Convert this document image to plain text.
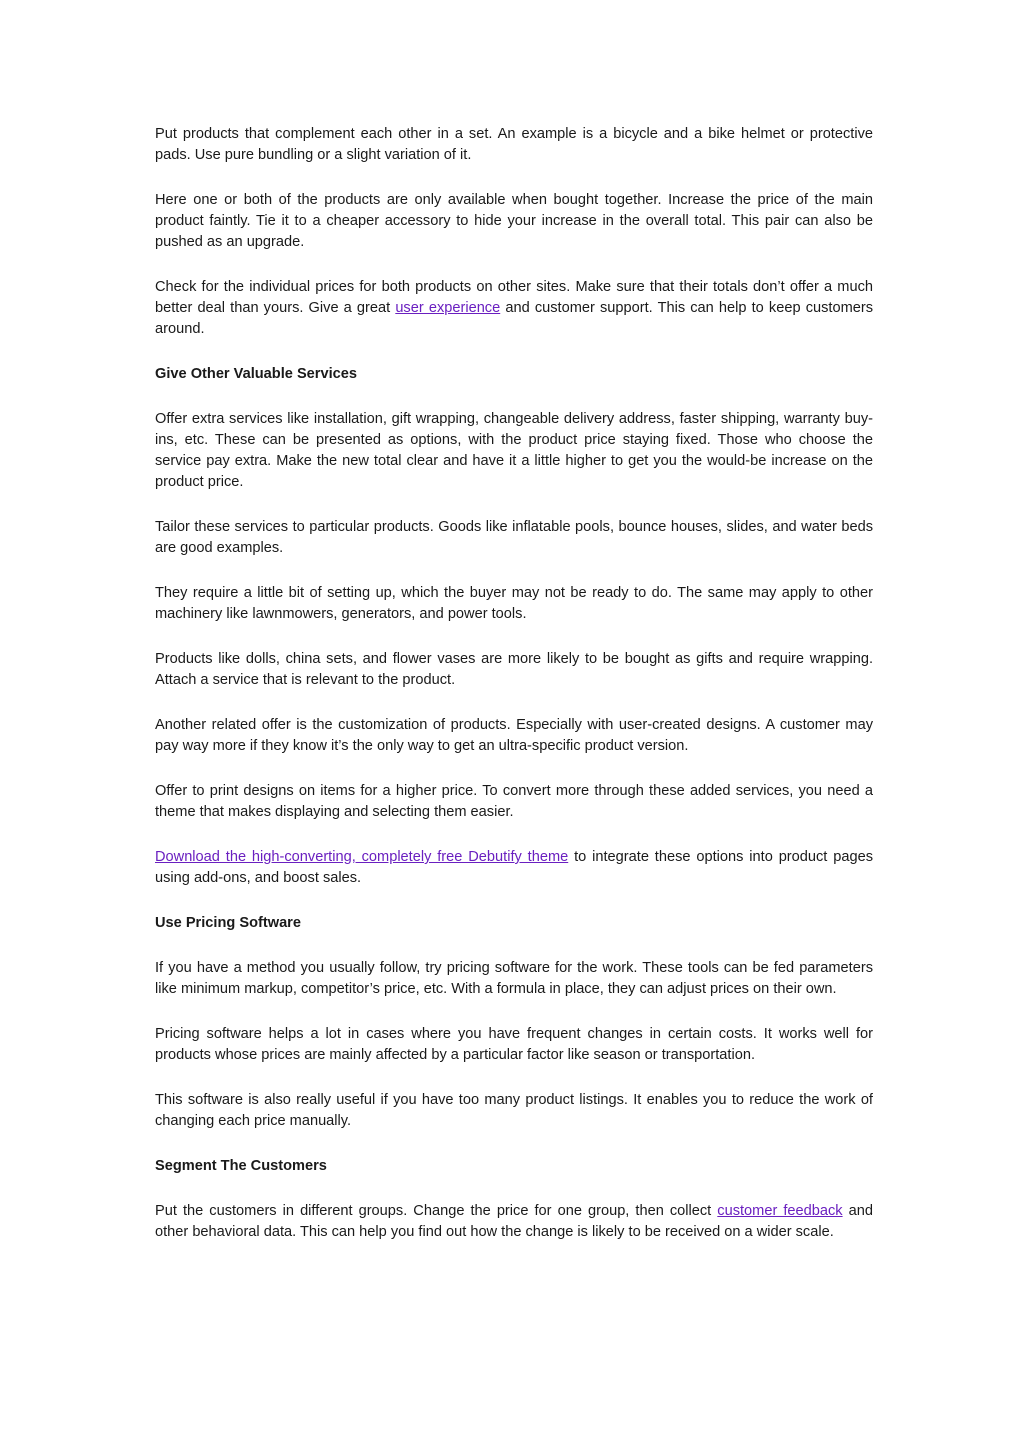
Put products that complement each other in a set. An example is a bicycle and a bike helmet or protective pads. Use pure bundling or a slight variation of it.

Here one or both of the products are only available when bought together. Increase the price of the main product faintly. Tie it to a cheaper accessory to hide your increase in the overall total. This pair can also be pushed as an upgrade.

Check for the individual prices for both products on other sites. Make sure that their totals don’t offer a much better deal than yours. Give a great user experience and customer support. This can help to keep customers around.

Give Other Valuable Services

Offer extra services like installation, gift wrapping, changeable delivery address, faster shipping, warranty buy-ins, etc. These can be presented as options, with the product price staying fixed. Those who choose the service pay extra. Make the new total clear and have it a little higher to get you the would-be increase on the product price.

Tailor these services to particular products. Goods like inflatable pools, bounce houses, slides, and water beds are good examples.

They require a little bit of setting up, which the buyer may not be ready to do. The same may apply to other machinery like lawnmowers, generators, and power tools.

Products like dolls, china sets, and flower vases are more likely to be bought as gifts and require wrapping. Attach a service that is relevant to the product.

Another related offer is the customization of products. Especially with user-created designs. A customer may pay way more if they know it’s the only way to get an ultra-specific product version.

Offer to print designs on items for a higher price. To convert more through these added services, you need a theme that makes displaying and selecting them easier.

Download the high-converting, completely free Debutify theme to integrate these options into product pages using add-ons, and boost sales.

Use Pricing Software

If you have a method you usually follow, try pricing software for the work. These tools can be fed parameters like minimum markup, competitor’s price, etc. With a formula in place, they can adjust prices on their own.

Pricing software helps a lot in cases where you have frequent changes in certain costs. It works well for products whose prices are mainly affected by a particular factor like season or transportation.

This software is also really useful if you have too many product listings. It enables you to reduce the work of changing each price manually.

Segment The Customers

Put the customers in different groups. Change the price for one group, then collect customer feedback and other behavioral data. This can help you find out how the change is likely to be received on a wider scale.
